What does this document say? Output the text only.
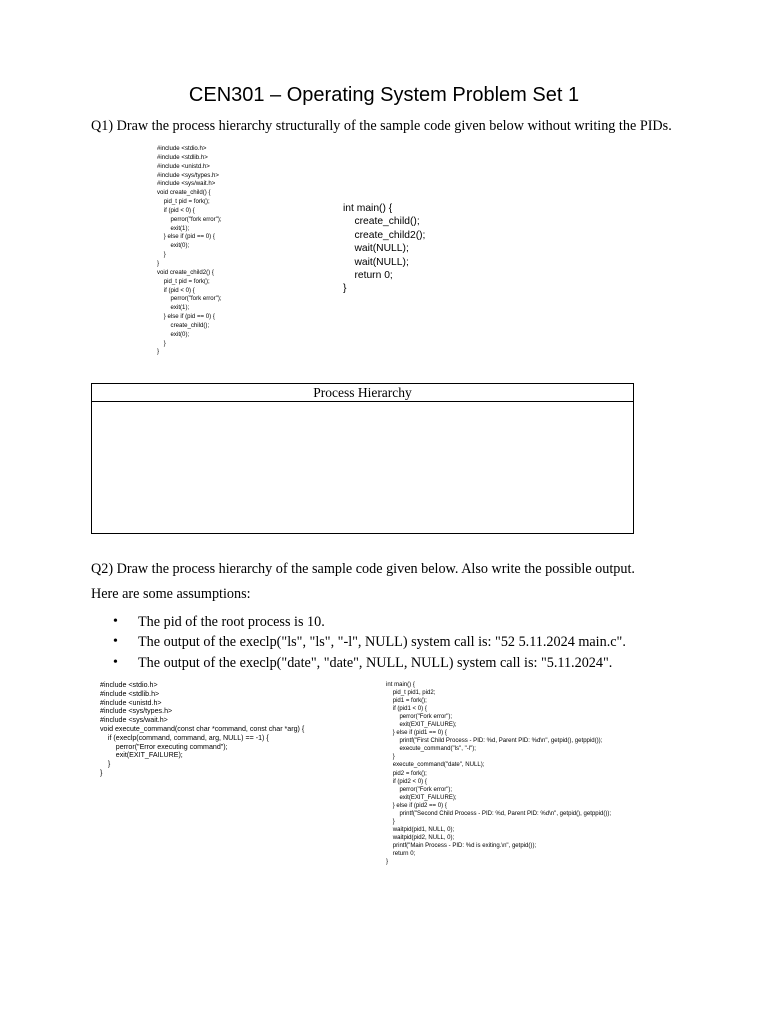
CEN301 – Operating System Problem Set 1
Q1) Draw the process hierarchy structurally of the sample code given below without writing the PIDs.
#include <stdio.h>
#include <stdlib.h>
#include <unistd.h>
#include <sys/types.h>
#include <sys/wait.h>
void create_child() {
pid_t pid = fork();
if (pid < 0) {
perror("fork error");
exit(1);
} else if (pid == 0) {
exit(0);
}
}
void create_child2() {
pid_t pid = fork();
if (pid < 0) {
perror("fork error");
exit(1);
} else if (pid == 0) {
create_child();
exit(0);
}
}
int main() {
create_child();
create_child2();
wait(NULL);
wait(NULL);
return 0;
}
Process Hierarchy
Q2) Draw the process hierarchy of the sample code given below. Also write the possible output.
Here are some assumptions:
• The pid of the root process is 10.
• The output of the execlp("ls", "ls", "-l", NULL) system call is: "52 5.11.2024 main.c".
• The output of the execlp("date", "date", NULL, NULL) system call is: "5.11.2024".
#include <stdio.h>
#include <stdlib.h>
#include <unistd.h>
#include <sys/types.h>
#include <sys/wait.h>
void execute_command(const char *command, const char *arg) {
if (execlp(command, command, arg, NULL) == -1) {
perror("Error executing command");
exit(EXIT_FAILURE);
}
}
int main() {
pid_t pid1, pid2;
pid1 = fork();
if (pid1 < 0) {
perror("Fork error");
exit(EXIT_FAILURE);
} else if (pid1 == 0) {
printf("First Child Process - PID: %d, Parent PID: %d\n", getpid(), getppid());
execute_command("ls", "-l");
}
execute_command("date", NULL);
pid2 = fork();
if (pid2 < 0) {
perror("Fork error");
exit(EXIT_FAILURE);
} else if (pid2 == 0) {
printf("Second Child Process - PID: %d, Parent PID: %d\n", getpid(), getppid());
}
waitpid(pid1, NULL, 0);
waitpid(pid2, NULL, 0);
printf("Main Process - PID: %d is exiting.\n", getpid());
return 0;
}
